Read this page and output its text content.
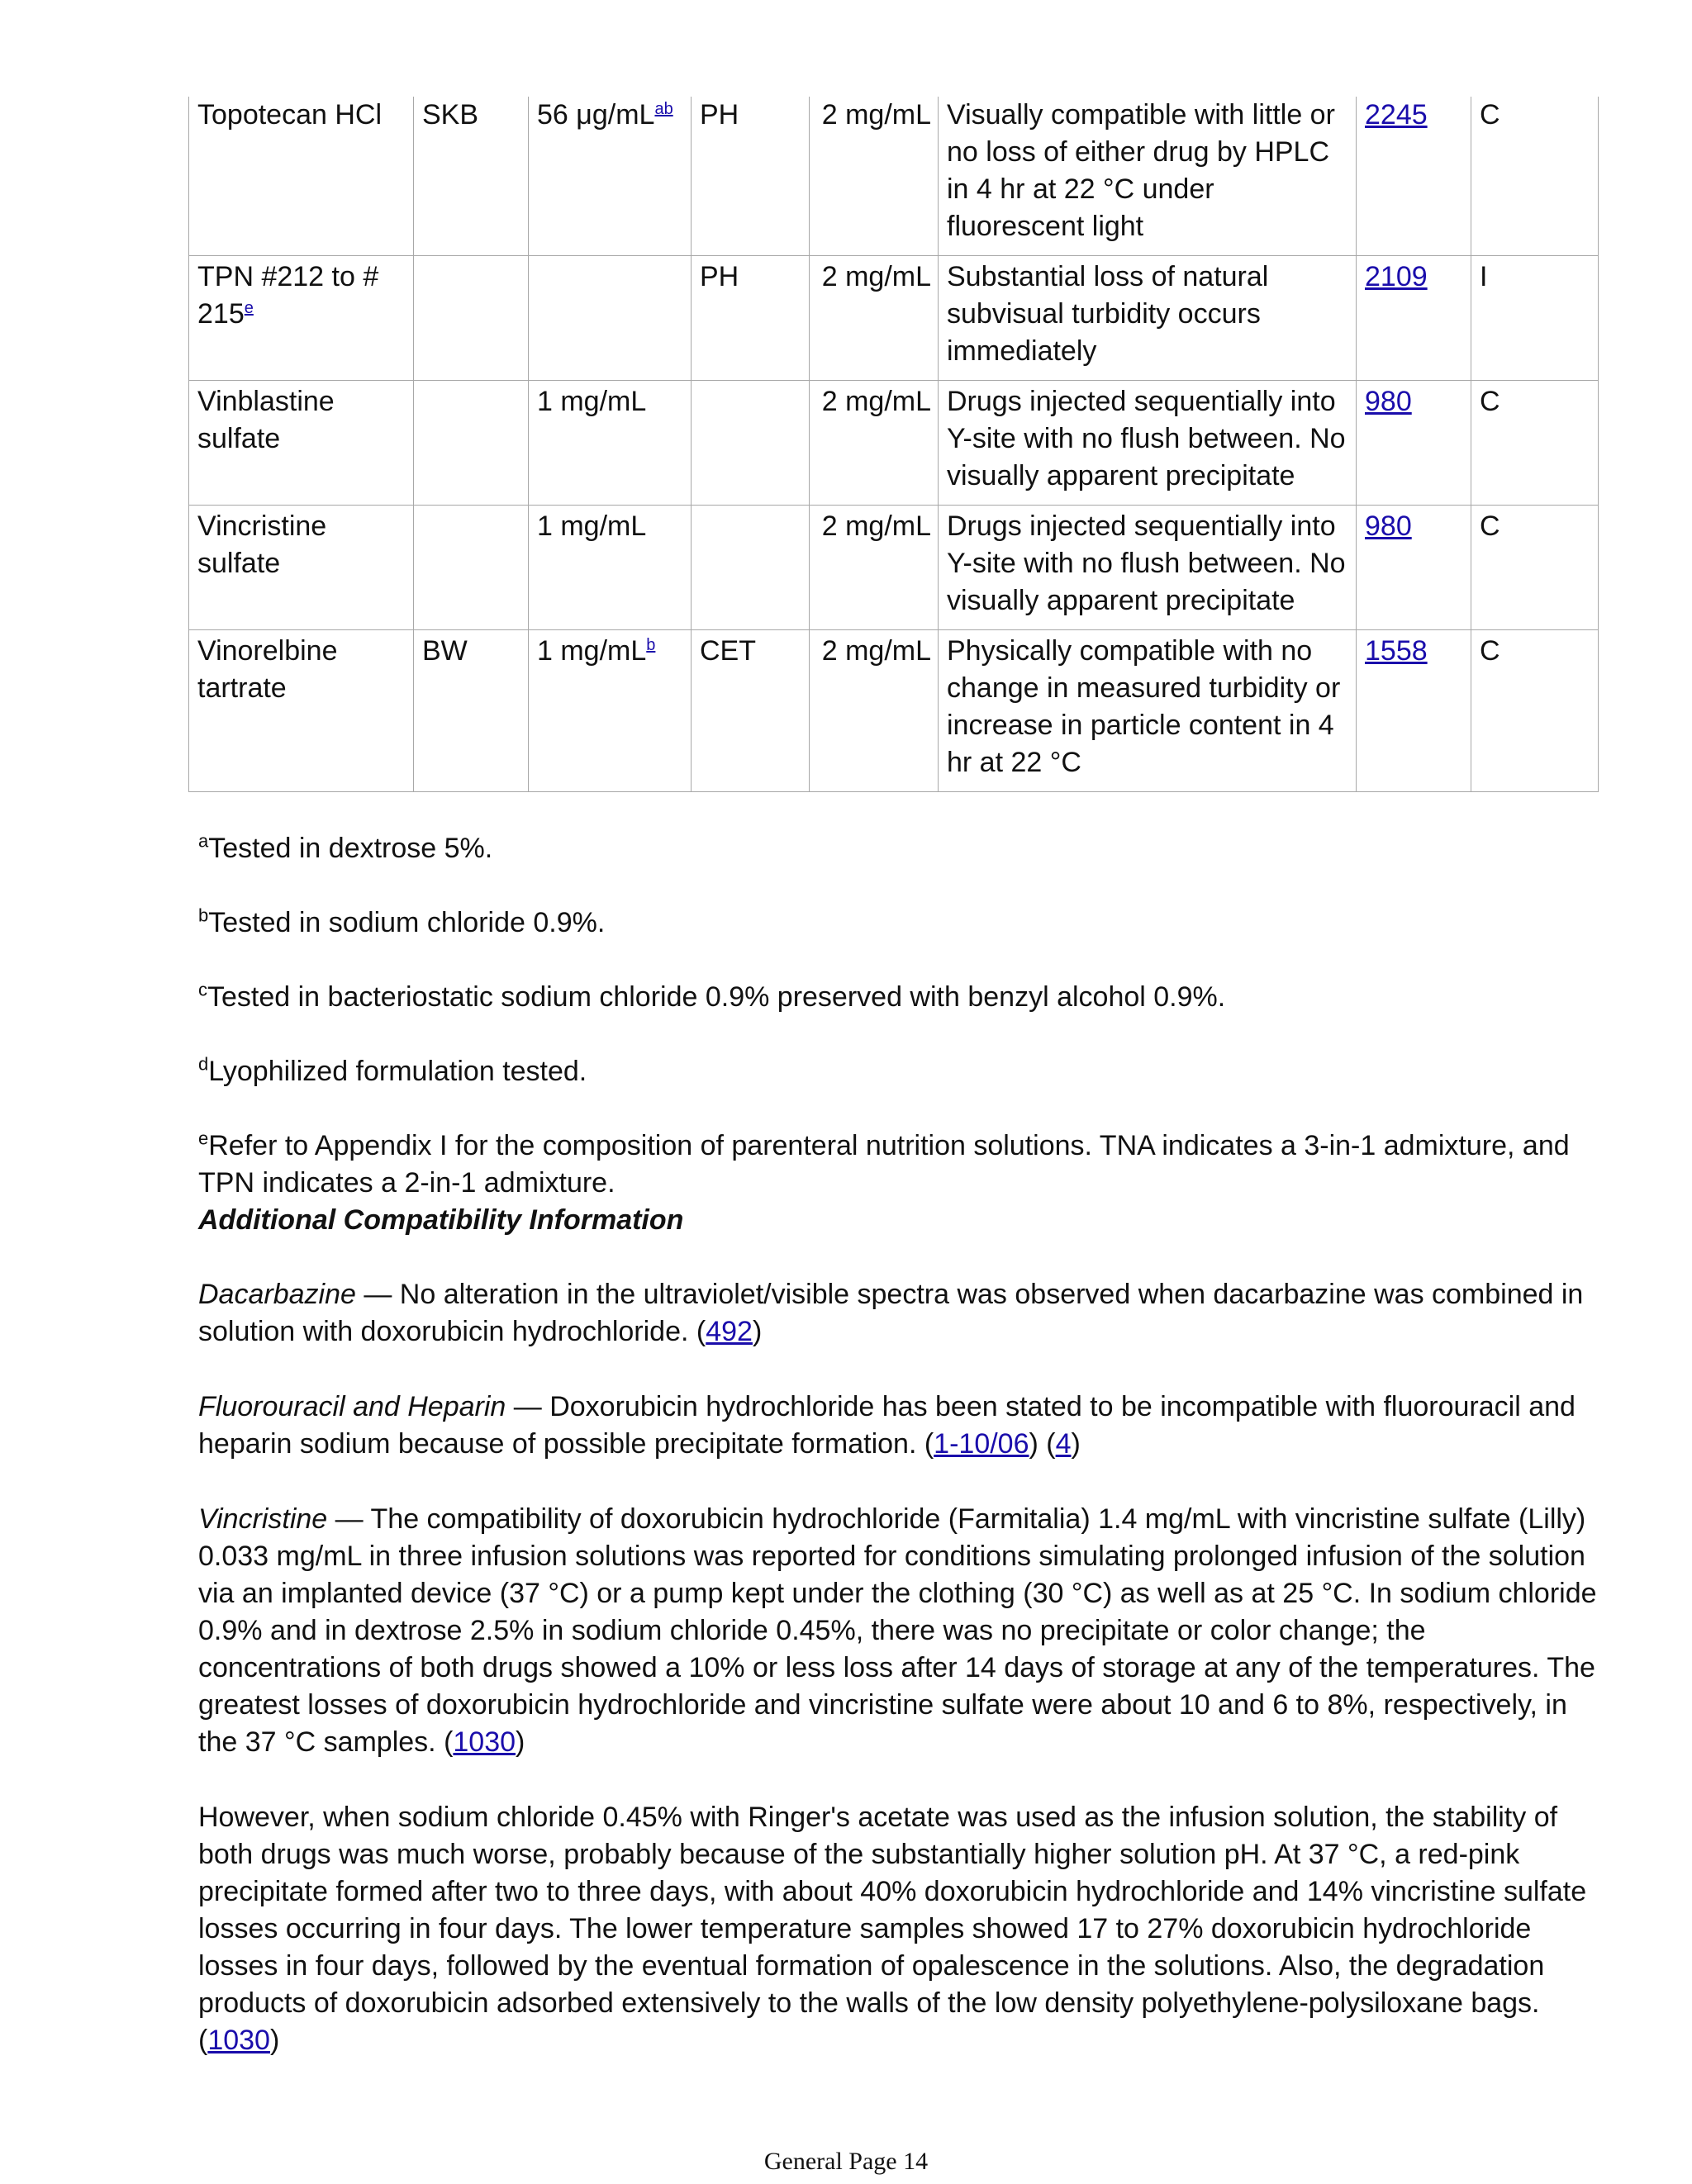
Topotecan HCl	SKB	56 μg/mL$^{ab}$	PH	2 mg/mL	Visually compatible with little or no loss of either drug by HPLC in 4 hr at 22 °C under fluorescent light	2245	C
TPN #212 to # 215e			PH	2 mg/mL	Substantial loss of natural subvisual turbidity occurs immediately	2109	I
Vinblastine sulfate		1 mg/mL		2 mg/mL	Drugs injected sequentially into Y-site with no flush between. No visually apparent precipitate	980	C
Vincristine sulfate		1 mg/mL		2 mg/mL	Drugs injected sequentially into Y-site with no flush between. No visually apparent precipitate	980	C
Vinorelbine tartrate	BW	1 mg/mL$^b$	CET	2 mg/mL	Physically compatible with no change in measured turbidity or increase in particle content in 4 hr at 22 °C	1558	C

$^a$Tested in dextrose 5%.

$^b$Tested in sodium chloride 0.9%.

$^c$Tested in bacteriostatic sodium chloride 0.9% preserved with benzyl alcohol 0.9%.

$^d$Lyophilized formulation tested.

$^e$Refer to Appendix I for the composition of parenteral nutrition solutions. TNA indicates a 3-in-1 admixture, and TPN indicates a 2-in-1 admixture.

Additional Compatibility Information

Dacarbazine — No alteration in the ultraviolet/visible spectra was observed when dacarbazine was combined in solution with doxorubicin hydrochloride. (492)

Fluorouracil and Heparin — Doxorubicin hydrochloride has been stated to be incompatible with fluorouracil and heparin sodium because of possible precipitate formation. (1-10/06) (4)

Vincristine — The compatibility of doxorubicin hydrochloride (Farmitalia) 1.4 mg/mL with vincristine sulfate (Lilly) 0.033 mg/mL in three infusion solutions was reported for conditions simulating prolonged infusion of the solution via an implanted device (37 °C) or a pump kept under the clothing (30 °C) as well as at 25 °C. In sodium chloride 0.9% and in dextrose 2.5% in sodium chloride 0.45%, there was no precipitate or color change; the concentrations of both drugs showed a 10% or less loss after 14 days of storage at any of the temperatures. The greatest losses of doxorubicin hydrochloride and vincristine sulfate were about 10 and 6 to 8%, respectively, in the 37 °C samples. (1030)

However, when sodium chloride 0.45% with Ringer's acetate was used as the infusion solution, the stability of both drugs was much worse, probably because of the substantially higher solution pH. At 37 °C, a red-pink precipitate formed after two to three days, with about 40% doxorubicin hydrochloride and 14% vincristine sulfate losses occurring in four days. The lower temperature samples showed 17 to 27% doxorubicin hydrochloride losses in four days, followed by the eventual formation of opalescence in the solutions. Also, the degradation products of doxorubicin adsorbed extensively to the walls of the low density polyethylene-polysiloxane bags. (1030)

General Page 14
